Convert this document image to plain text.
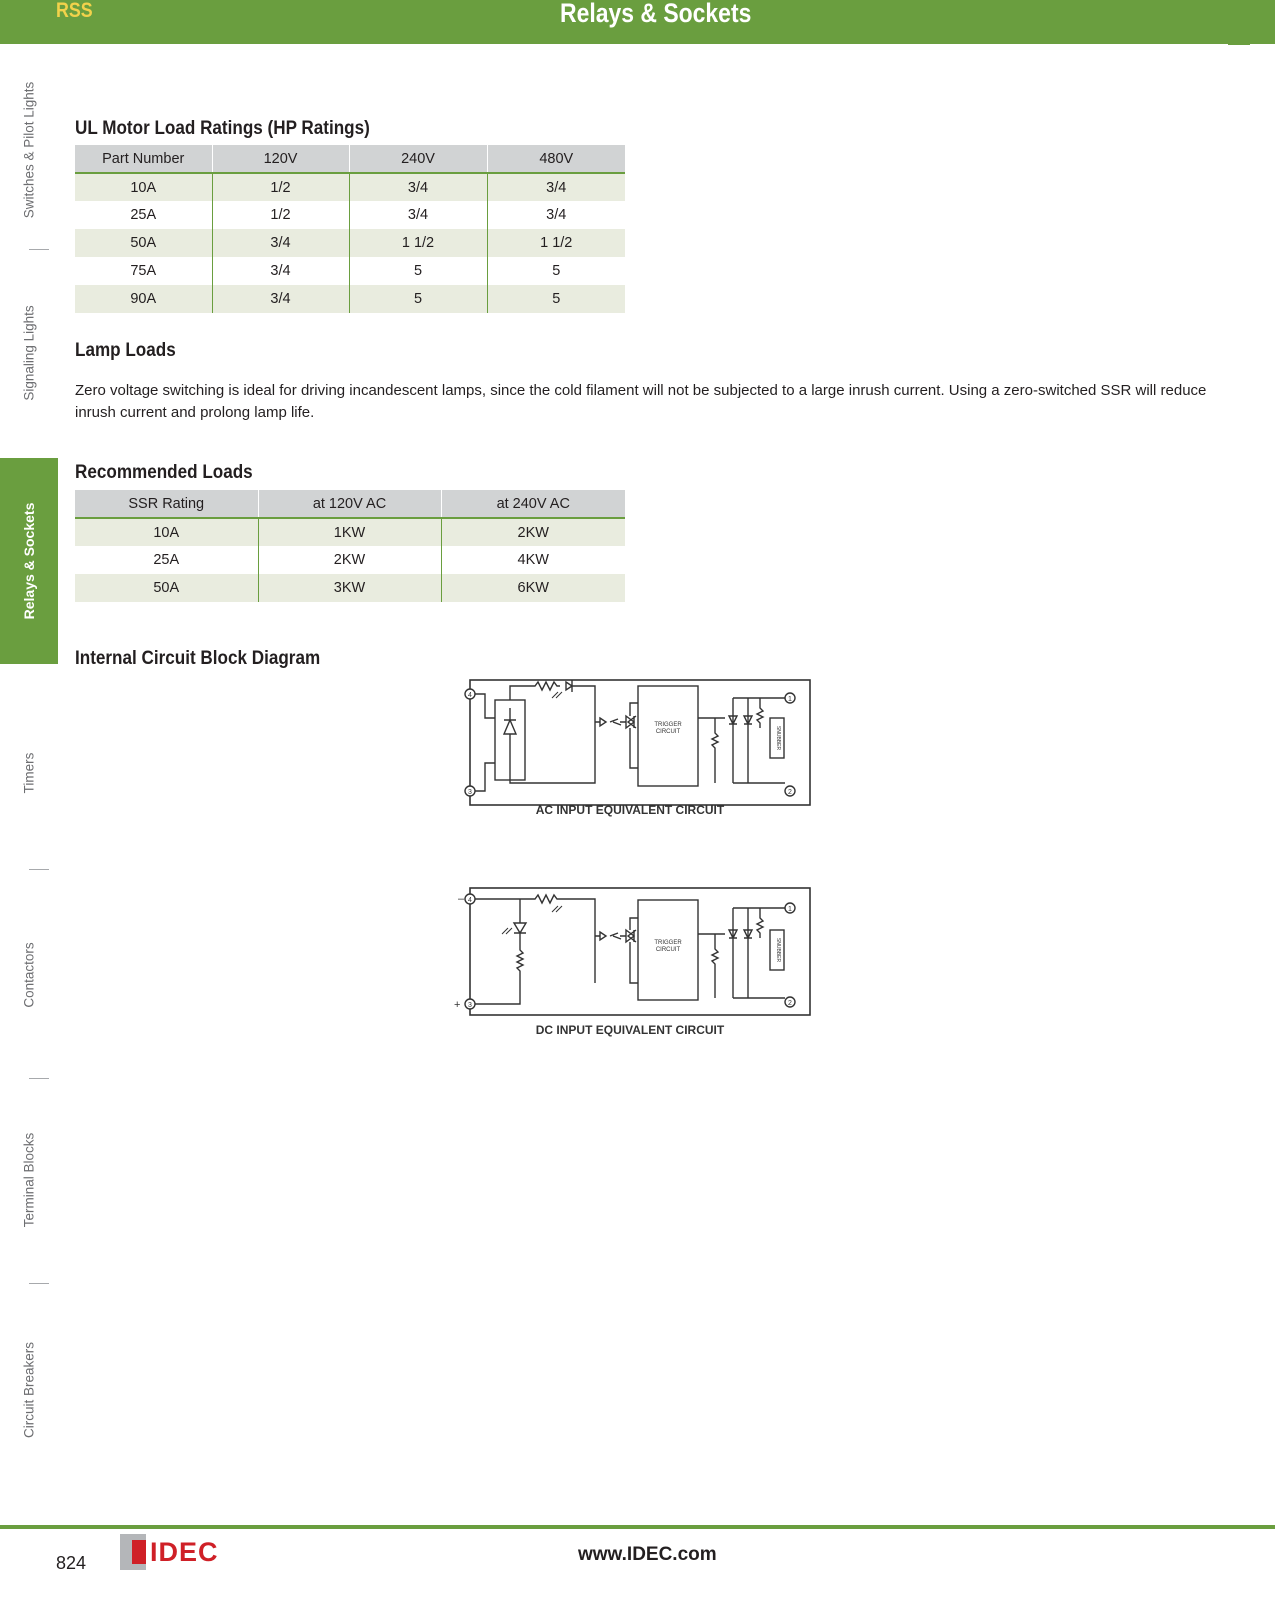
RSS	Relays & Sockets
Switches & Pilot Lights
Signaling Lights
Relays & Sockets
Timers
Contactors
Terminal Blocks
Circuit Breakers
UL Motor Load Ratings (HP Ratings)
Part Number	120V	240V	480V
10A	1/2	3/4	3/4
25A	1/2	3/4	3/4
50A	3/4	1 1/2	1 1/2
75A	3/4	5	5
90A	3/4	5	5
Lamp Loads

Zero voltage switching is ideal for driving incandescent lamps, since the cold filament will not be subjected to a large inrush current. Using a zero-switched SSR will reduce inrush current and prolong lamp life.

Recommended Loads
SSR Rating	at 120V AC	at 240V AC
10A	1KW	2KW
25A	2KW	4KW
50A	3KW	6KW
Internal Circuit Block Diagram
4
3
1
2
TRIGGER
CIRCUIT	SNUBBER
AC INPUT EQUIVALENT CIRCUIT
–
+
4
3
1
2
TRIGGER
CIRCUIT	SNUBBER
DC INPUT EQUIVALENT CIRCUIT
824 IDEC	www.IDEC.com
